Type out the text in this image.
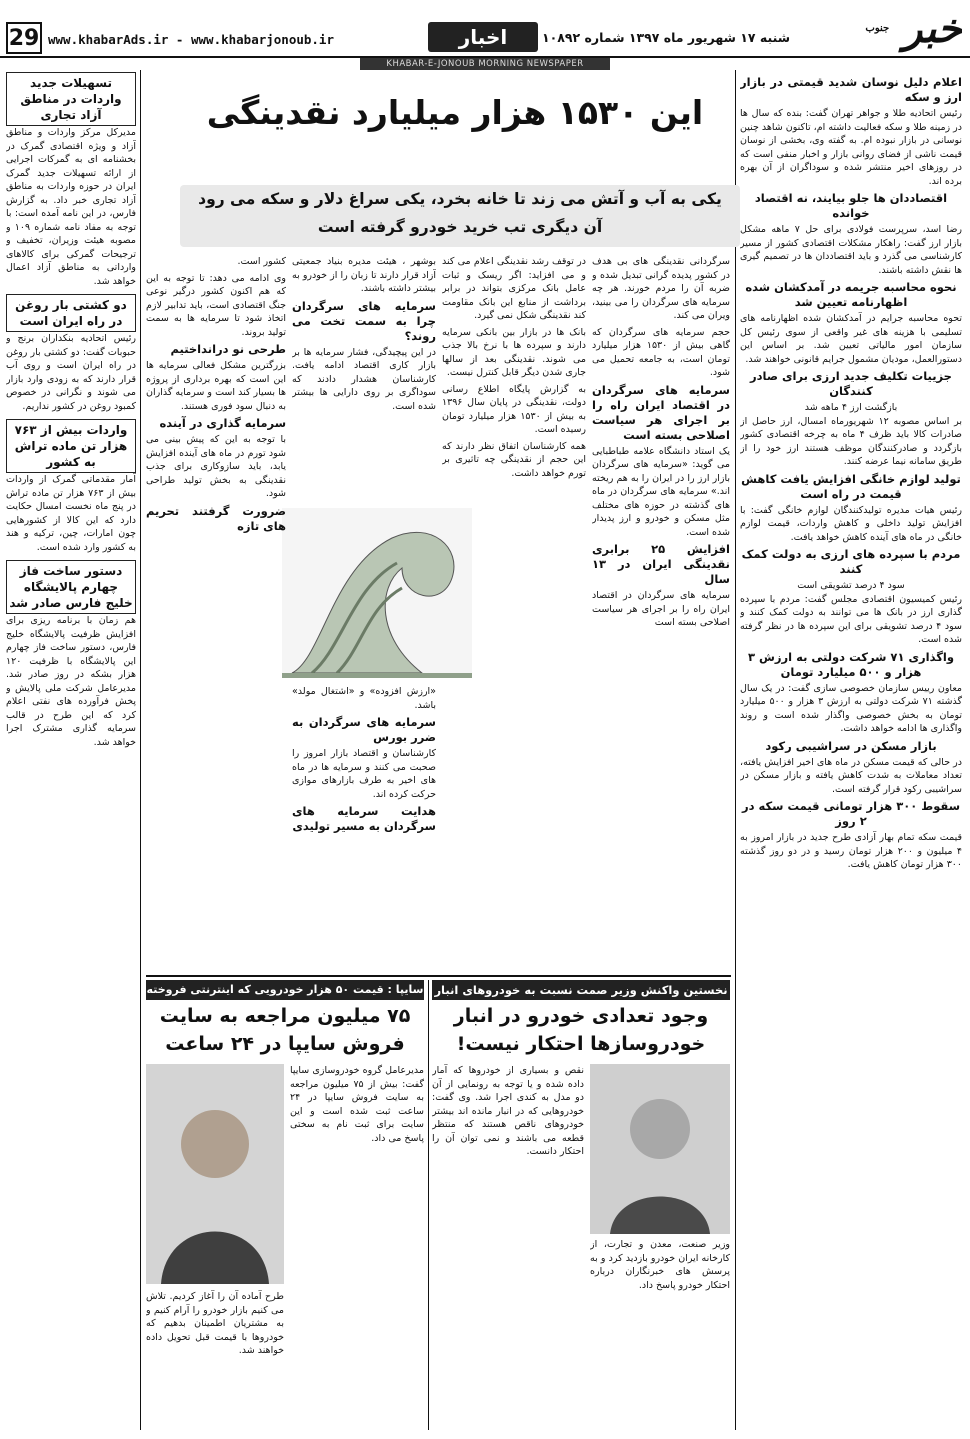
خبر $^{جنوب}$
شنبه ۱۷ شهریور ماه ۱۳۹۷ شماره ۱۰۸۹۲
اخبار
www.khabarAds.ir - www.khabarjonoub.ir
29
KHABAR-E-JONOUB MORNING NEWSPAPER
اعلام دلیل نوسان شدید قیمتی در بازار ارز و سکه

رئیس اتحادیه طلا و جواهر تهران گفت: بنده که سال ها در زمینه طلا و سکه فعالیت داشته ام، تاکنون شاهد چنین نوسانی در بازار نبوده ام. به گفته وی، بخشی از نوسان قیمت ناشی از فضای روانی بازار و اخبار منفی است که در روزهای اخیر منتشر شده و سوداگران از آن بهره برده اند.

اقتصاددان ها جلو بیایند، نه اقتصاد خوانده

رضا اسد، سرپرست فولادی برای حل ۷ ماهه مشکل بازار ارز گفت: راهکار مشکلات اقتصادی کشور از مسیر کارشناسی می گذرد و باید اقتصاددان ها در تصمیم گیری ها نقش داشته باشند.

نحوه محاسبه جریمه در آمدکشان شده اظهارنامه تعیین شد

تحوه محاسبه جرایم در آمدکشان شده اظهارنامه های تسلیمی با هزینه های غیر واقعی از سوی رئیس کل سازمان امور مالیاتی تعیین شد. بر اساس این دستورالعمل، مودیان مشمول جرایم قانونی خواهند شد.

جزییات تکلیف جدید ارزی برای صادر کنندگان
بازگشت ارز ۴ ماهه شد

بر اساس مصوبه ۱۲ شهریورماه امسال، ارز حاصل از صادرات کالا باید ظرف ۴ ماه به چرخه اقتصادی کشور بازگردد و صادرکنندگان موظف هستند ارز خود را از طریق سامانه نیما عرضه کنند.

تولید لوازم خانگی افزایش یافت کاهش قیمت در راه است

رئیس هیات مدیره تولیدکنندگان لوازم خانگی گفت: با افزایش تولید داخلی و کاهش واردات، قیمت لوازم خانگی در ماه های آینده کاهش خواهد یافت.

مردم با سپرده های ارزی به دولت کمک کنند
سود ۴ درصد تشویقی است

رئیس کمیسیون اقتصادی مجلس گفت: مردم با سپرده گذاری ارز در بانک ها می توانند به دولت کمک کنند و سود ۴ درصد تشویقی برای این سپرده ها در نظر گرفته شده است.

واگذاری ۷۱ شرکت دولتی به ارزش ۳ هزار و ۵۰۰ میلیارد تومان

معاون رییس سازمان خصوصی سازی گفت: در یک سال گذشته ۷۱ شرکت دولتی به ارزش ۳ هزار و ۵۰۰ میلیارد تومان به بخش خصوصی واگذار شده است و روند واگذاری ها ادامه خواهد داشت.

بازار مسکن در سراشیبی رکود

در حالی که قیمت مسکن در ماه های اخیر افزایش یافته، تعداد معاملات به شدت کاهش یافته و بازار مسکن در سراشیبی رکود قرار گرفته است.

سقوط ۳۰۰ هزار تومانی قیمت سکه در ۲ روز

قیمت سکه تمام بهار آزادی طرح جدید در بازار امروز به ۴ میلیون و ۲۰۰ هزار تومان رسید و در دو روز گذشته ۳۰۰ هزار تومان کاهش یافت.

تسهیلات جدید واردات در مناطق آزاد تجاری

مدیرکل مرکز واردات و مناطق آزاد و ویژه اقتصادی گمرک در بخشنامه ای به گمرکات اجرایی از ارائه تسهیلات جدید گمرک ایران در حوزه واردات به مناطق آزاد تجاری خبر داد. به گزارش فارس، در این نامه آمده است: با توجه به مفاد نامه شماره ۱۰۹ و مصوبه هیئت وزیران، تخفیف و ترجیحات گمرکی برای کالاهای وارداتی به مناطق آزاد اعمال خواهد شد.

دو کشتی بار روغن در راه ایران است

رئیس اتحادیه بنکداران برنج و حبوبات گفت: دو کشتی بار روغن در راه ایران است و روی آب قرار دارند که به زودی وارد بازار می شوند و نگرانی در خصوص کمبود روغن در کشور نداریم.

واردات بیش از ۷۶۳ هزار تن ماده تراش به کشور

آمار مقدماتی گمرک از واردات بیش از ۷۶۳ هزار تن ماده تراش در پنج ماه نخست امسال حکایت دارد که این کالا از کشورهایی چون امارات، چین، ترکیه و هند به کشور وارد شده است.

دستور ساخت فاز چهارم پالایشگاه خلیج فارس صادر شد

هم زمان با برنامه ریزی برای افزایش ظرفیت پالایشگاه خلیج فارس، دستور ساخت فاز چهارم این پالایشگاه با ظرفیت ۱۲۰ هزار بشکه در روز صادر شد. مدیرعامل شرکت ملی پالایش و پخش فرآورده های نفتی اعلام کرد که این طرح در قالب سرمایه گذاری مشترک اجرا خواهد شد.

این ۱۵۳۰ هزار میلیارد نقدینگی
یکی به آب و آتش می زند تا خانه بخرد، یکی سراغ دلار و سکه می رود
آن دیگری تب خرید خودرو گرفته است

سرگردانی نقدینگی های بی هدف در کشور پدیده گرانی تبدیل شده و ضربه آن را مردم خورند. هر چه سرمایه های سرگردان را می بینید، ویران می کند.

حجم سرمایه های سرگردان که گاهی بیش از ۱۵۳۰ هزار میلیارد تومان است، به جامعه تحمیل می شود.

سرمایه های سرگردان در اقتصاد ایران راه را بر اجرای هر سیاست اصلاحی بسته است

یک استاد دانشگاه علامه طباطبایی می گوید: «سرمایه های سرگردان بازار ارز را در ایران را به هم ریخته اند.» سرمایه های سرگردان در ماه های گذشته در حوزه های مختلف مثل مسکن و خودرو و ارز پدیدار شده است.

افزایش ۲۵ برابری نقدینگی ایران در ۱۳ سال

سرمایه های سرگردان در اقتصاد ایران راه را بر اجرای هر سیاست اصلاحی بسته است

در توقف رشد نقدینگی اعلام می کند و می افزاید: اگر ریسک و ثبات عامل بانک مرکزی بتواند در برابر برداشت از منابع این بانک مقاومت کند نقدینگی شکل نمی گیرد.

بانک ها در بازار بین بانکی سرمایه دارند و سپرده ها با نرخ بالا جذب می شوند. نقدینگی بعد از سالها جاری شدن دیگر قابل کنترل نیست.

به گزارش پایگاه اطلاع رسانی دولت، نقدینگی در پایان سال ۱۳۹۶ به بیش از ۱۵۳۰ هزار میلیارد تومان رسیده است.

همه کارشناسان اتفاق نظر دارند که این حجم از نقدینگی چه تاثیری بر تورم خواهد داشت.

بوشهر ، هیئت مدیره بنیاد جمعیتی آزاد قرار دارند تا زبان را از خودرو به بیشتر داشته باشند.

سرمایه های سرگردان چرا به سمت تخت می روند؟

در این پیچیدگی، فشار سرمایه ها بر بازار کاری اقتصاد ادامه یافت. کارشناسان هشدار دادند که سوداگری بر روی دارایی ها بیشتر شده است.

«ارزش افزوده» و «اشتغال مولد» باشد.

سرمایه های سرگردان به ضرر بورس

کارشناسان و اقتصاد بازار امروز را صحبت می کنند و سرمایه ها در ماه های اخیر به طرف بازارهای موازی حرکت کرده اند.

هدایت سرمایه های سرگردان به مسیر تولیدی

کشور است.

وی ادامه می دهد: تا توجه به این که هم اکنون کشور درگیر نوعی جنگ اقتصادی است، باید تدابیر لازم اتخاذ شود تا سرمایه ها به سمت تولید بروند.

طرحی نو درانداختیم

بزرگترین مشکل فعالی سرمایه ها این است که بهره برداری از پروژه ها بسیار کند است و سرمایه گذاران به دنبال سود فوری هستند.

سرمایه گذاری در آینده

با توجه به این که پیش بینی می شود تورم در ماه های آینده افزایش یابد، باید سازوکاری برای جذب نقدینگی به بخش تولید طراحی شود.

ضرورت گرفتند تحریم های تازه
نخستین واکنش وزیر صمت نسبت به خودروهای انبار
وجود تعدادی خودرو در انبار خودروسازها احتکار نیست!

وزیر صنعت، معدن و تجارت، از کارخانه ایران خودرو بازدید کرد و به پرسش های خبرنگاران درباره احتکار خودرو پاسخ داد.

نقص و بسیاری از خودروها که آمار داده شده و یا توجه به رونمایی از آن دو مدل به کندی اجرا شد. وی گفت: خودروهایی که در انبار مانده اند بیشتر خودروهای ناقص هستند که منتظر قطعه می باشند و نمی توان آن را احتکار دانست.

سایپا : قیمت ۵۰ هزار خودرویی که اینترنتی فروخته
۷۵ میلیون مراجعه به سایت فروش سایپا در ۲۴ ساعت

مدیرعامل گروه خودروسازی سایپا گفت: بیش از ۷۵ میلیون مراجعه به سایت فروش سایپا در ۲۴ ساعت ثبت شده است و این سایت برای ثبت نام به سختی پاسخ می داد.

طرح آماده آن را آغاز کردیم. تلاش می کنیم بازار خودرو را آرام کنیم و به مشتریان اطمینان بدهیم که خودروها با قیمت قبل تحویل داده خواهند شد.
